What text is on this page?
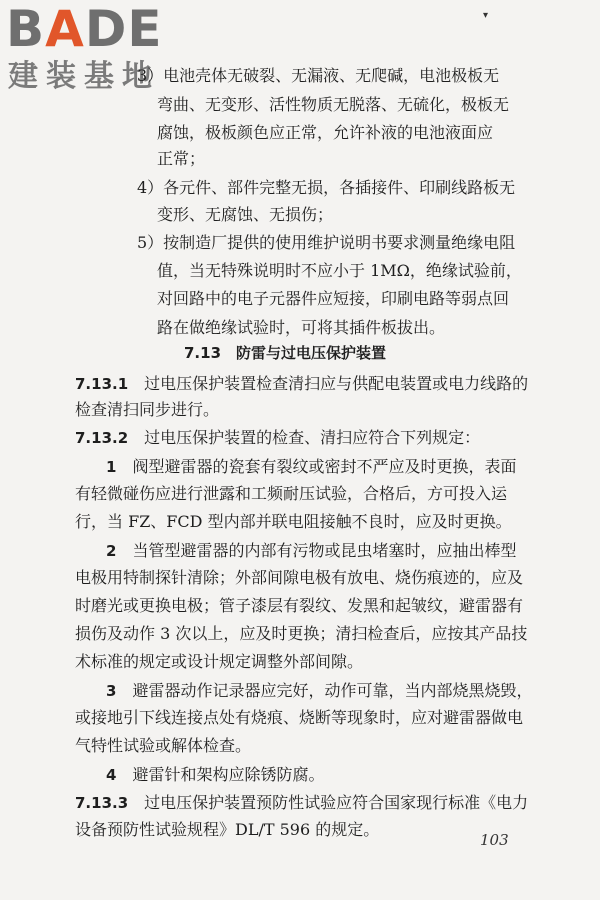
BADE
建装基地
▾
3）电池壳体无破裂、无漏液、无爬碱，电池极板无
弯曲、无变形、活性物质无脱落、无硫化，极板无
腐蚀，极板颜色应正常，允许补液的电池液面应
正常；
4）各元件、部件完整无损，各插接件、印刷线路板无
变形、无腐蚀、无损伤；
5）按制造厂提供的使用维护说明书要求测量绝缘电阻
值，当无特殊说明时不应小于 1MΩ，绝缘试验前，
对回路中的电子元器件应短接，印刷电路等弱点回
路在做绝缘试验时，可将其插件板拔出。
7.13　防雷与过电压保护装置
7.13.1　 过电压保护装置检查清扫应与供配电装置或电力线路的
检查清扫同步进行。
7.13.2　 过电压保护装置的检查、清扫应符合下列规定：
1　 阀型避雷器的瓷套有裂纹或密封不严应及时更换，表面
有轻微碰伤应进行泄露和工频耐压试验，合格后，方可投入运
行，当 FZ、FCD 型内部并联电阻接触不良时，应及时更换。
2　 当管型避雷器的内部有污物或昆虫堵塞时，应抽出棒型
电极用特制探针清除；外部间隙电极有放电、烧伤痕迹的，应及
时磨光或更换电极；管子漆层有裂纹、发黑和起皱纹，避雷器有
损伤及动作 3 次以上，应及时更换；清扫检查后，应按其产品技
术标准的规定或设计规定调整外部间隙。
3　 避雷器动作记录器应完好，动作可靠，当内部烧黑烧毁，
或接地引下线连接点处有烧痕、烧断等现象时，应对避雷器做电
气特性试验或解体检查。
4　 避雷针和架构应除锈防腐。
7.13.3　 过电压保护装置预防性试验应符合国家现行标准《电力
设备预防性试验规程》DL/T 596 的规定。
103
